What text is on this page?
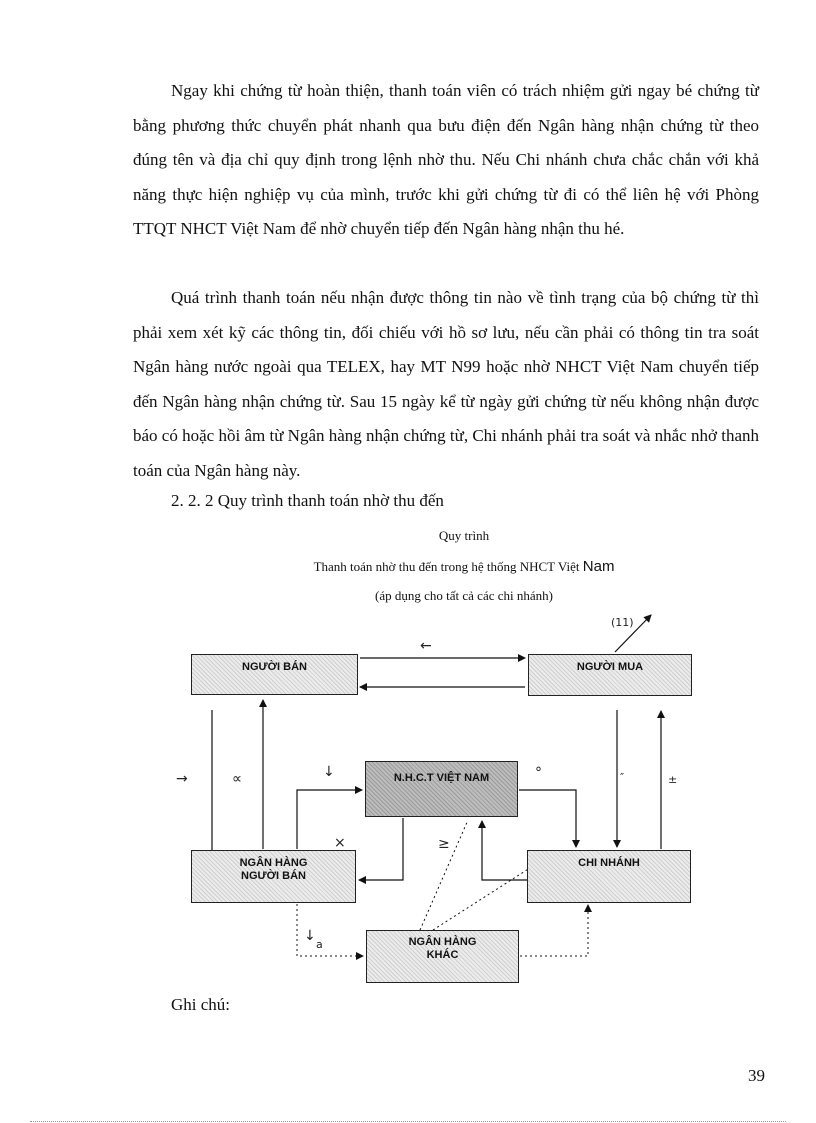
Ngay khi chứng từ hoàn thiện, thanh toán viên có trách nhiệm gửi ngay bé chứng từ bằng phương thức chuyển phát nhanh qua bưu điện đến Ngân hàng nhận chứng từ theo đúng tên và địa chỉ quy định trong lệnh nhờ thu. Nếu Chi nhánh chưa chắc chắn với khả năng thực hiện nghiệp vụ của mình, trước khi gửi chứng từ đi có thể liên hệ với Phòng TTQT NHCT Việt Nam để nhờ chuyển tiếp đến Ngân hàng nhận thu hé.

Quá trình thanh toán nếu nhận được thông tin nào về tình trạng của bộ chứng từ thì phải xem xét kỹ các thông tin, đối chiếu với hồ sơ lưu, nếu cần phải có thông tin tra soát Ngân hàng nước ngoài qua TELEX, hay MT N99 hoặc nhờ NHCT Việt Nam chuyển tiếp đến Ngân hàng nhận chứng từ. Sau 15 ngày kể từ ngày gửi chứng từ nếu không nhận được báo có hoặc hồi âm từ Ngân hàng nhận chứng từ, Chi nhánh phải tra soát và nhắc nhở thanh toán của Ngân hàng này.

2. 2. 2 Quy trình thanh toán nhờ thu đến

Quy trình

Thanh toán nhờ thu đến trong hệ thống NHCT Việt Nam

(áp dụng cho tất cả các chi nhánh)

NGƯỜI BÁN	NGƯỜI MUA
N.H.C.T VIỆT NAM
NGÂN HÀNG
NGƯỜI BÁN
CHI NHÁNH
NGÂN HÀNG
KHÁC
(11)
←
→	∝	↓
×
°	″	±
≥
↓
a

Ghi chú:

39
